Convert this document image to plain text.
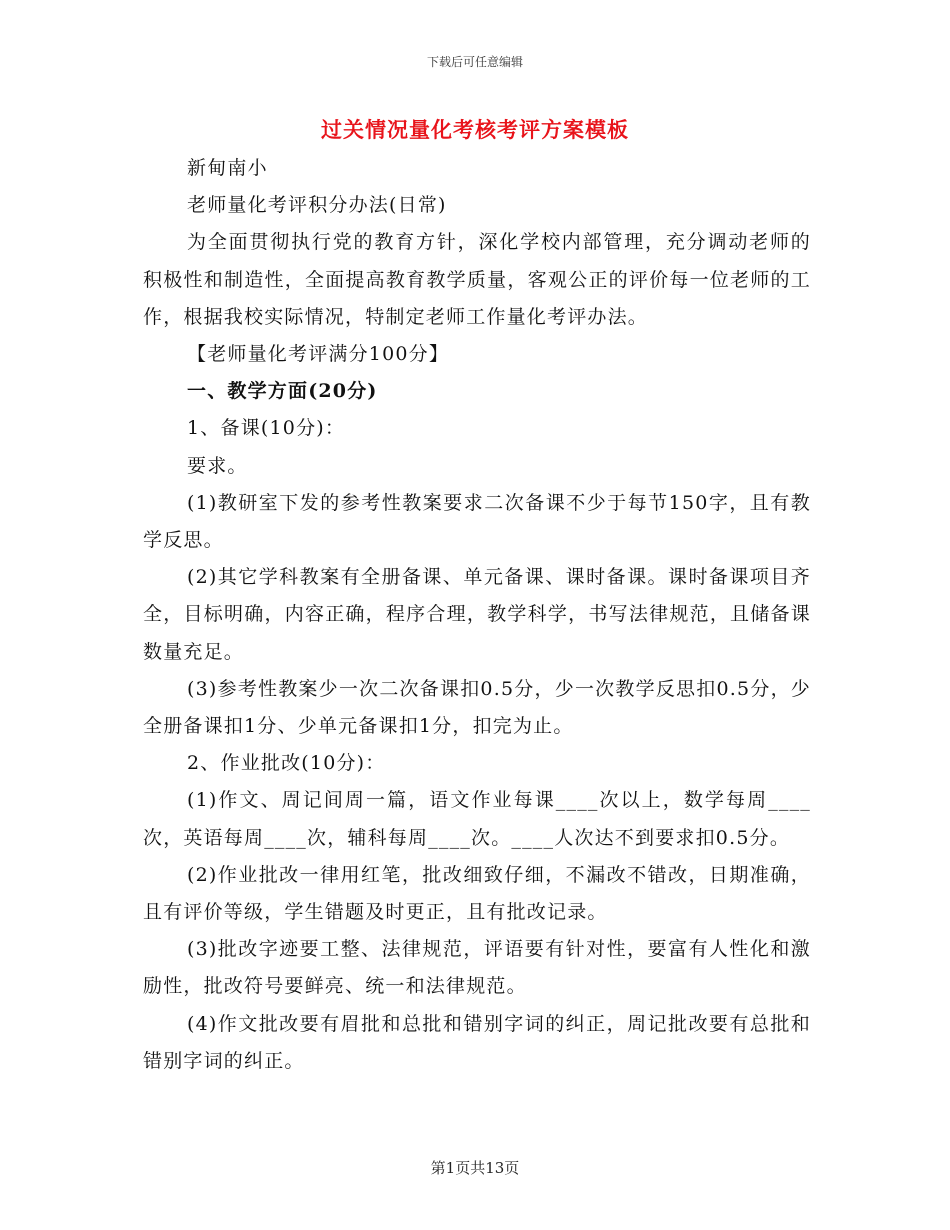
下载后可任意编辑
过关情况量化考核考评方案模板

新甸南小

老师量化考评积分办法(日常)

为全面贯彻执行党的教育方针，深化学校内部管理，充分调动老师的积极性和制造性，全面提高教育教学质量，客观公正的评价每一位老师的工作，根据我校实际情况，特制定老师工作量化考评办法。

【老师量化考评满分100分】

一、教学方面(20分)

1、备课(10分)：

要求。

(1)教研室下发的参考性教案要求二次备课不少于每节150字，且有教学反思。

(2)其它学科教案有全册备课、单元备课、课时备课。课时备课项目齐全，目标明确，内容正确，程序合理，教学科学，书写法律规范，且储备课数量充足。

(3)参考性教案少一次二次备课扣0.5分，少一次教学反思扣0.5分，少全册备课扣1分、少单元备课扣1分，扣完为止。

2、作业批改(10分)：

(1)作文、周记间周一篇，语文作业每课____次以上，数学每周____次，英语每周____次，辅科每周____次。____人次达不到要求扣0.5分。

(2)作业批改一律用红笔，批改细致仔细，不漏改不错改，日期准确，且有评价等级，学生错题及时更正，且有批改记录。

(3)批改字迹要工整、法律规范，评语要有针对性，要富有人性化和激励性，批改符号要鲜亮、统一和法律规范。

(4)作文批改要有眉批和总批和错别字词的纠正，周记批改要有总批和错别字词的纠正。

第1页共13页
